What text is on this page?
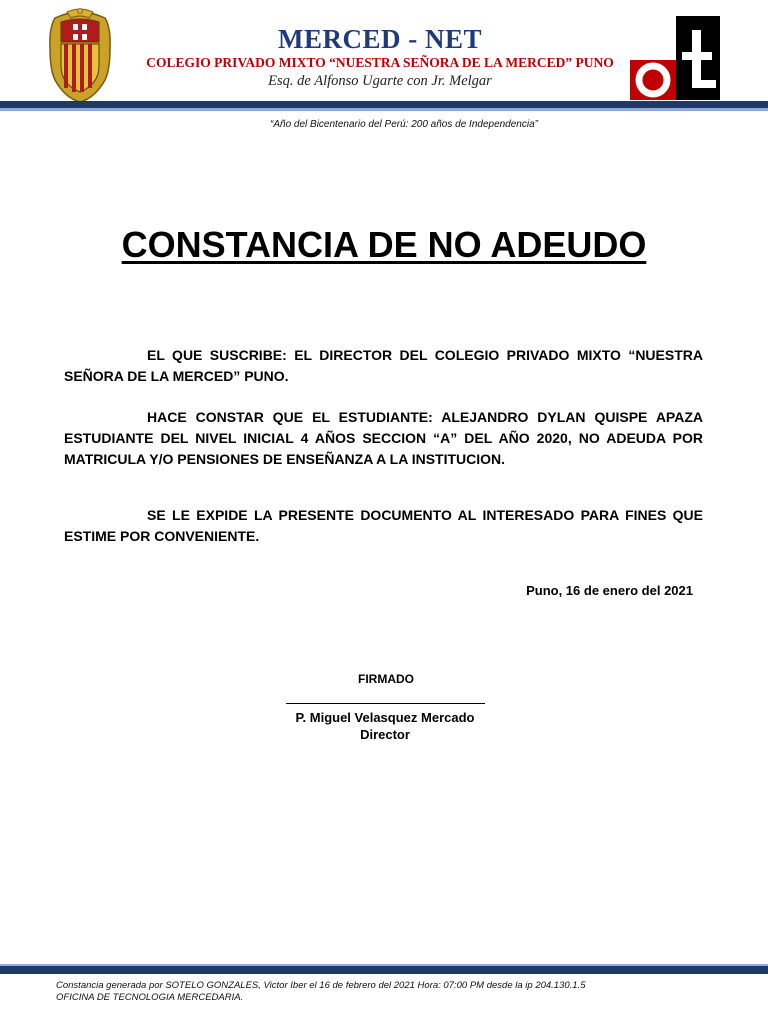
MERCED - NET
COLEGIO PRIVADO MIXTO “NUESTRA SEÑORA DE LA MERCED” PUNO
Esq. de Alfonso Ugarte con Jr. Melgar
“Año del Bicentenario del Perú: 200 años de Independencia”
CONSTANCIA DE NO ADEUDO
EL QUE SUSCRIBE: EL DIRECTOR DEL COLEGIO PRIVADO MIXTO “NUESTRA SEÑORA DE LA MERCED” PUNO.
HACE CONSTAR QUE EL ESTUDIANTE: ALEJANDRO DYLAN QUISPE APAZA ESTUDIANTE DEL NIVEL INICIAL 4 AÑOS SECCION “A” DEL AÑO 2020, NO ADEUDA POR MATRICULA Y/O PENSIONES DE ENSEÑANZA A LA INSTITUCION.
SE LE EXPIDE LA PRESENTE DOCUMENTO AL INTERESADO PARA FINES QUE ESTIME POR CONVENIENTE.
Puno, 16 de enero del 2021
FIRMADO
P. Miguel Velasquez Mercado
Director
Constancia generada por SOTELO GONZALES, Victor Iber el 16 de febrero del 2021 Hora: 07:00 PM desde la ip 204.130.1.5
OFICINA DE TECNOLOGIA MERCEDARIA.
